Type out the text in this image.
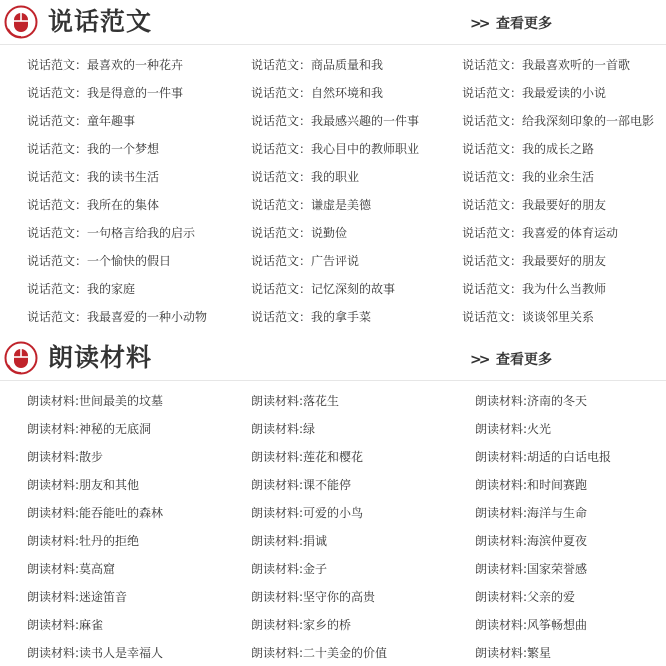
说话范文	>> 查看更多
说话范文：最喜欢的一种花卉
说话范文：我是得意的一件事
说话范文：童年趣事
说话范文：我的一个梦想
说话范文：我的读书生活
说话范文：我所在的集体
说话范文：一句格言给我的启示
说话范文：一个愉快的假日
说话范文：我的家庭
说话范文：我最喜爱的一种小动物
说话范文：商品质量和我
说话范文：自然环境和我
说话范文：我最感兴趣的一件事
说话范文：我心目中的教师职业
说话范文：我的职业
说话范文：谦虚是美德
说话范文：说勤俭
说话范文：广告评说
说话范文：记忆深刻的故事
说话范文：我的拿手菜
说话范文：我最喜欢听的一首歌
说话范文：我最爱读的小说
说话范文：给我深刻印象的一部电影
说话范文：我的成长之路
说话范文：我的业余生活
说话范文：我最要好的朋友
说话范文：我喜爱的体育运动
说话范文：我最要好的朋友
说话范文：我为什么当教师
说话范文：谈谈邻里关系
朗读材料	>> 查看更多
朗读材料:世间最美的坟墓
朗读材料:神秘的无底洞
朗读材料:散步
朗读材料:朋友和其他
朗读材料:能吞能吐的森林
朗读材料:牡丹的拒绝
朗读材料:莫高窟
朗读材料:迷途笛音
朗读材料:麻雀
朗读材料:读书人是幸福人
朗读材料:落花生
朗读材料:绿
朗读材料:莲花和樱花
朗读材料:课不能停
朗读材料:可爱的小鸟
朗读材料:捐诚
朗读材料:金子
朗读材料:坚守你的高贵
朗读材料:家乡的桥
朗读材料:二十美金的价值
朗读材料:济南的冬天
朗读材料:火光
朗读材料:胡适的白话电报
朗读材料:和时间赛跑
朗读材料:海洋与生命
朗读材料:海滨仲夏夜
朗读材料:国家荣誉感
朗读材料:父亲的爱
朗读材料:风筝畅想曲
朗读材料:繁星
